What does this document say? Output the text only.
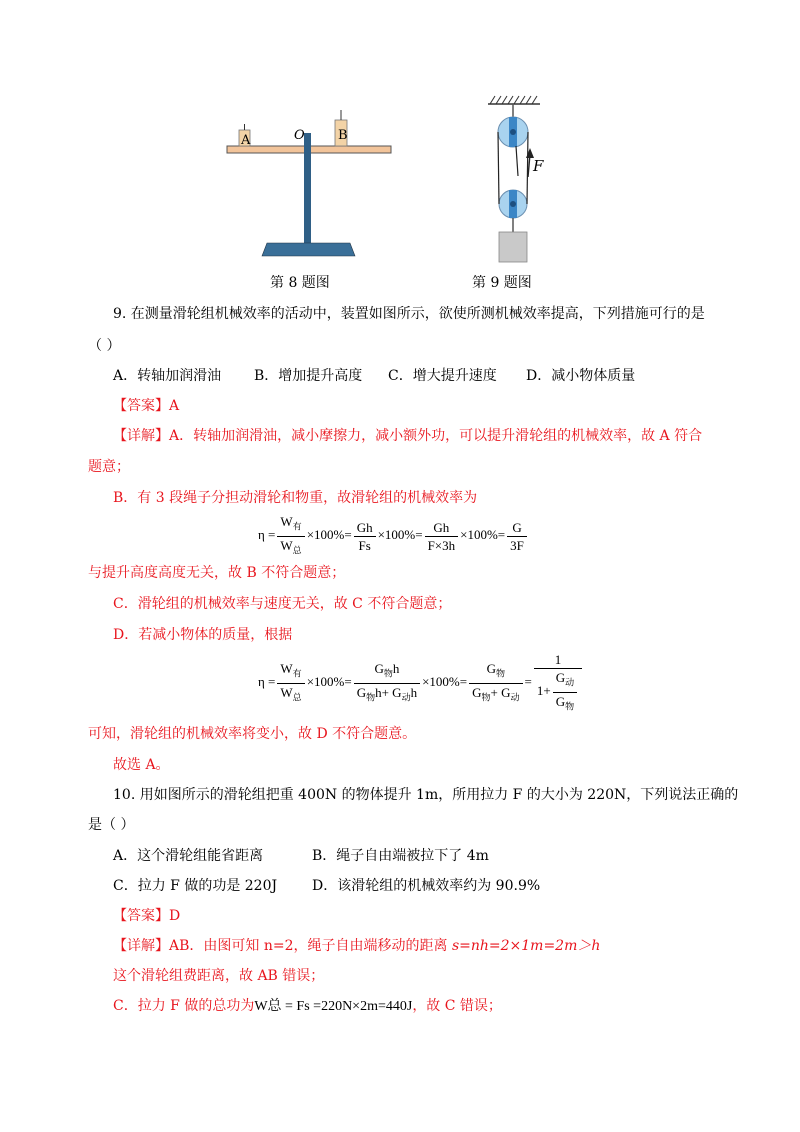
A	O	B
第 8 题图
F
第 9 题图
9. 在测量滑轮组机械效率的活动中，装置如图所示，欲使所测机械效率提高，下列措施可行的是
（ ）
A．转轴加润滑油 B．增加提升高度 C．增大提升速度 D．减小物体质量
【答案】A
【详解】A．转轴加润滑油，减小摩擦力，减小额外功，可以提升滑轮组的机械效率，故 A 符合
题意；
B．有 3 段绳子分担动滑轮和物重，故滑轮组的机械效率为
$\eta = \frac{W_有}{W_总} \times 100\%= \frac{Gh}{Fs} \times 100\%= \frac{Gh}{F\times 3h} \times 100\%= \frac{G}{3F}$
与提升高度高度无关，故 B 不符合题意；
C．滑轮组的机械效率与速度无关，故 C 不符合题意；
D．若减小物体的质量，根据
$\eta = \frac{W_有}{W_总} \times 100\%= \frac{G_物h}{G_物h+ G_动h} \times 100\%= \frac{G_物}{G_物+ G_动} = \frac{1}{1+ \frac{G_动}{G_物}}$
可知，滑轮组的机械效率将变小，故 D 不符合题意。
故选 A。
10. 用如图所示的滑轮组把重 400N 的物体提升 1m，所用拉力 F 的大小为 220N，下列说法正确的
是（ ）
A．这个滑轮组能省距离	B．绳子自由端被拉下了 4m
C．拉力 F 做的功是 220J D．该滑轮组的机械效率约为 90.9%
【答案】D
【详解】AB．由图可知 n=2，绳子自由端移动的距离 s=nh=2×1m=2m＞h
这个滑轮组费距离，故 AB 错误；
C．拉力 F 做的总功为W总 = Fs =220N×2m=440J，故 C 错误；
